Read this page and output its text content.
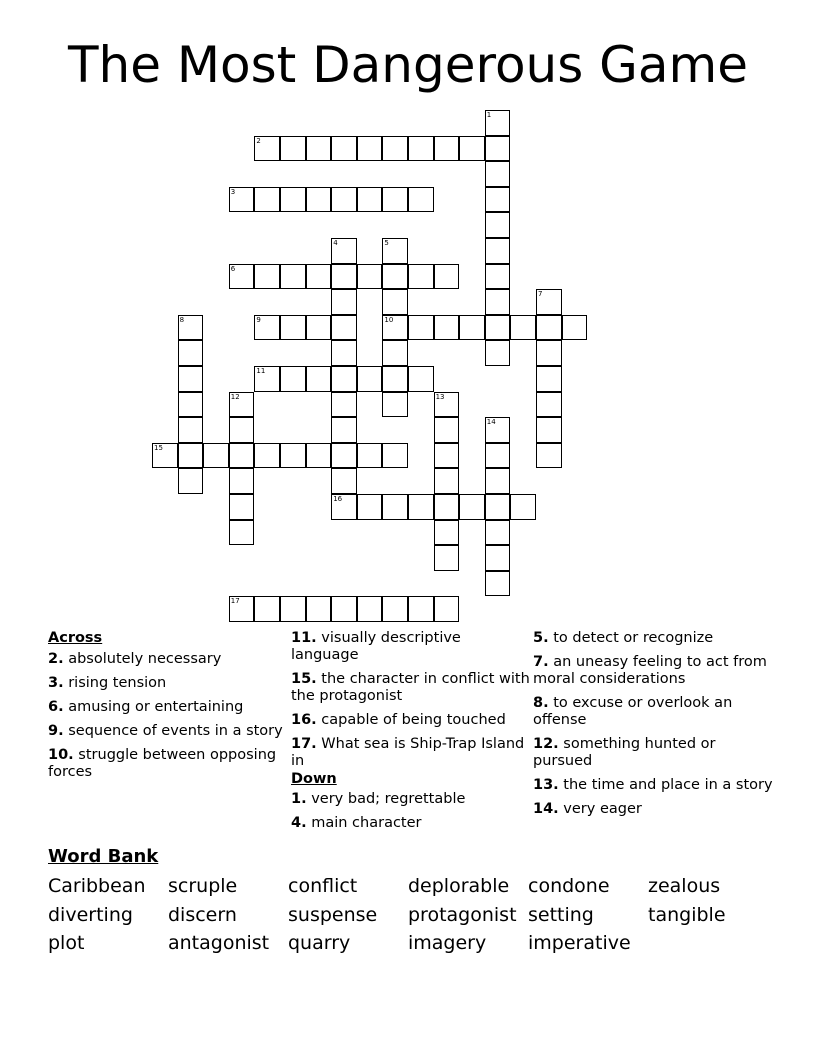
The Most Dangerous Game
1
2
3
4	5
6
7
8	9	10
11
12	13
14
15
16
17
Across
2. absolutely necessary
3. rising tension
6. amusing or entertaining
9. sequence of events in a story
10. struggle between opposing forces
11. visually descriptive language
15. the character in conflict with the protagonist
16. capable of being touched
17. What sea is Ship-Trap Island in
Down
1. very bad; regrettable
4. main character
5. to detect or recognize
7. an uneasy feeling to act from moral considerations
8. to excuse or overlook an offense
12. something hunted or pursued
13. the time and place in a story
14. very eager
Word Bank
Caribbean scruple	conflict	deplorable condone zealous
diverting discern	suspense protagonist setting	tangible
plot	antagonist quarry	imagery imperative
